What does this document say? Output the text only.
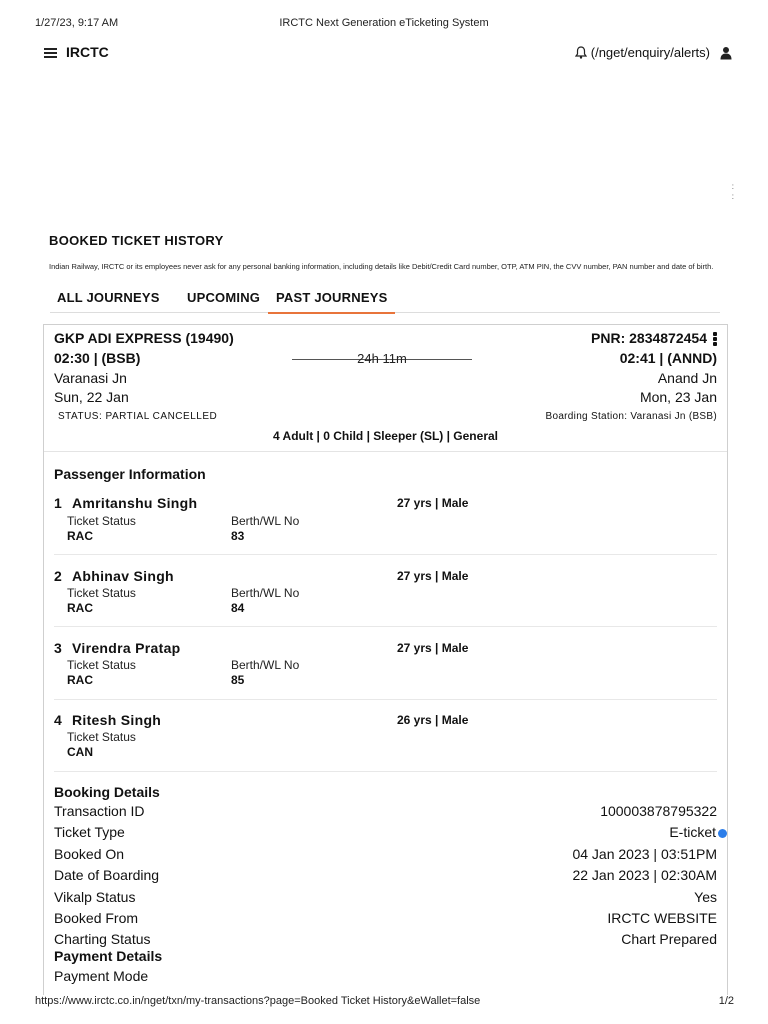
1/27/23, 9:17 AM	IRCTC Next Generation eTicketing System
IRCTC	(/nget/enquiry/alerts)
:
:
BOOKED TICKET HISTORY
Indian Railway, IRCTC or its employees never ask for any personal banking information, including details like Debit/Credit Card number, OTP, ATM PIN, the CVV number, PAN number and date of birth.
ALL JOURNEYS UPCOMING	PAST JOURNEYS
GKP ADI EXPRESS (19490)	PNR: 2834872454
02:30 | (BSB)	24h 11m	02:41 | (ANND)
Varanasi Jn	Anand Jn
Sun, 22 Jan	Mon, 23 Jan
STATUS: PARTIAL CANCELLED	Boarding Station: Varanasi Jn (BSB)
4 Adult | 0 Child | Sleeper (SL) | General
Passenger Information
1 Amritanshu Singh	27 yrs | Male
Ticket Status	Berth/WL No
RAC	83
2 Abhinav Singh	27 yrs | Male
Ticket Status	Berth/WL No
RAC	84
3 Virendra Pratap	27 yrs | Male
Ticket Status	Berth/WL No
RAC	85
4 Ritesh Singh	26 yrs | Male
Ticket Status
CAN
Booking Details
Transaction ID	100003878795322
Ticket Type	E-ticket
Booked On	04 Jan 2023 | 03:51PM
Date of Boarding	22 Jan 2023 | 02:30AM
Vikalp Status	Yes
Booked From	IRCTC WEBSITE
Charting Status	Chart Prepared
Payment Details
Payment Mode
https://www.irctc.co.in/nget/txn/my-transactions?page=Booked Ticket History&eWallet=false	1/2
